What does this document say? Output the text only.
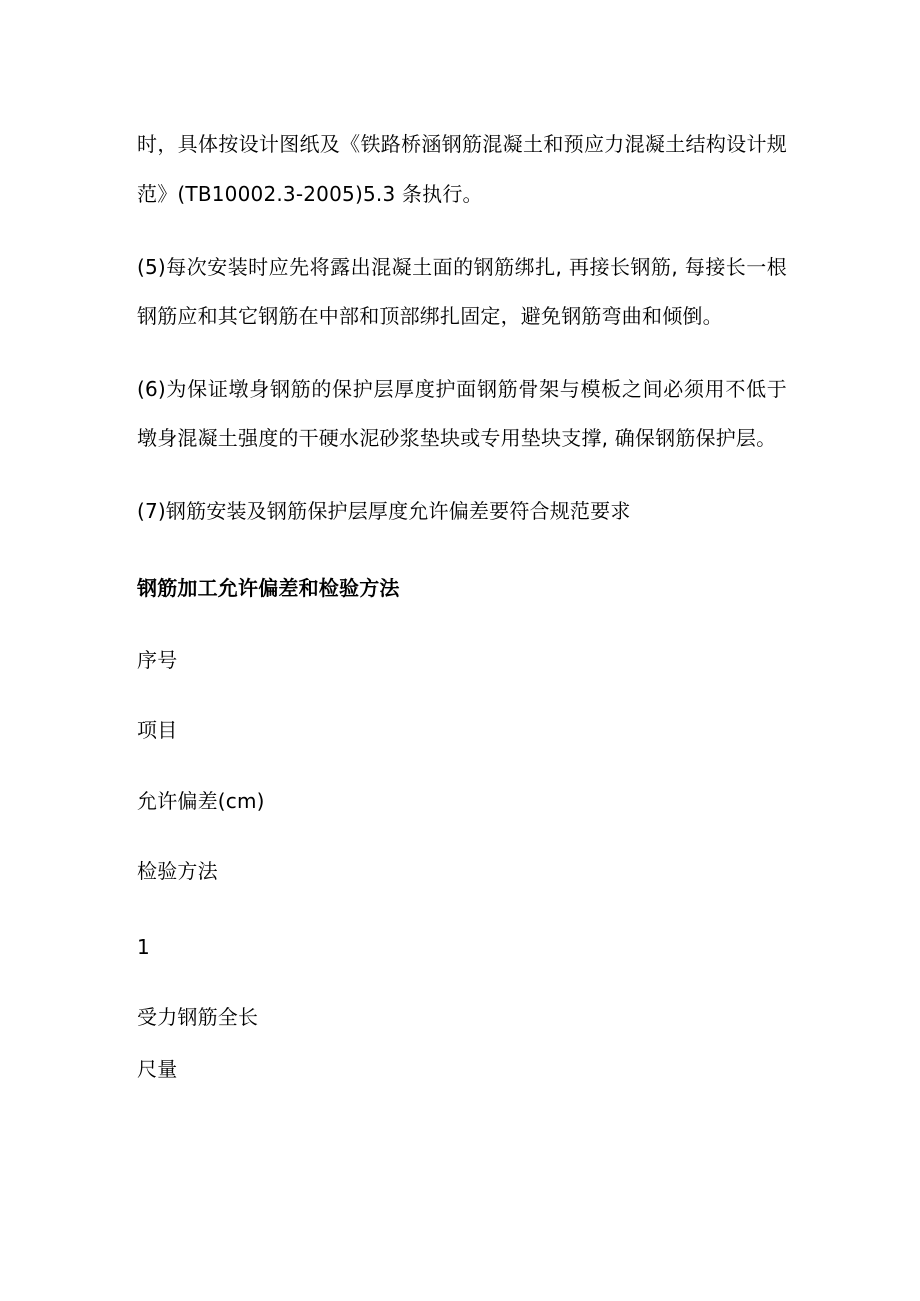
时，具体按设计图纸及《铁路桥涵钢筋混凝土和预应力混凝土结构设计规
范》(TB10002.3-2005)5.3 条执行。
(5)每次安装时应先将露出混凝土面的钢筋绑扎, 再接长钢筋, 每接长一根
钢筋应和其它钢筋在中部和顶部绑扎固定，避免钢筋弯曲和倾倒。
(6)为保证墩身钢筋的保护层厚度护面钢筋骨架与模板之间必须用不低于
墩身混凝土强度的干硬水泥砂浆垫块或专用垫块支撑, 确保钢筋保护层。
(7)钢筋安装及钢筋保护层厚度允许偏差要符合规范要求
钢筋加工允许偏差和检验方法
序号
项目
允许偏差(cm)
检验方法
1
受力钢筋全长
尺量
